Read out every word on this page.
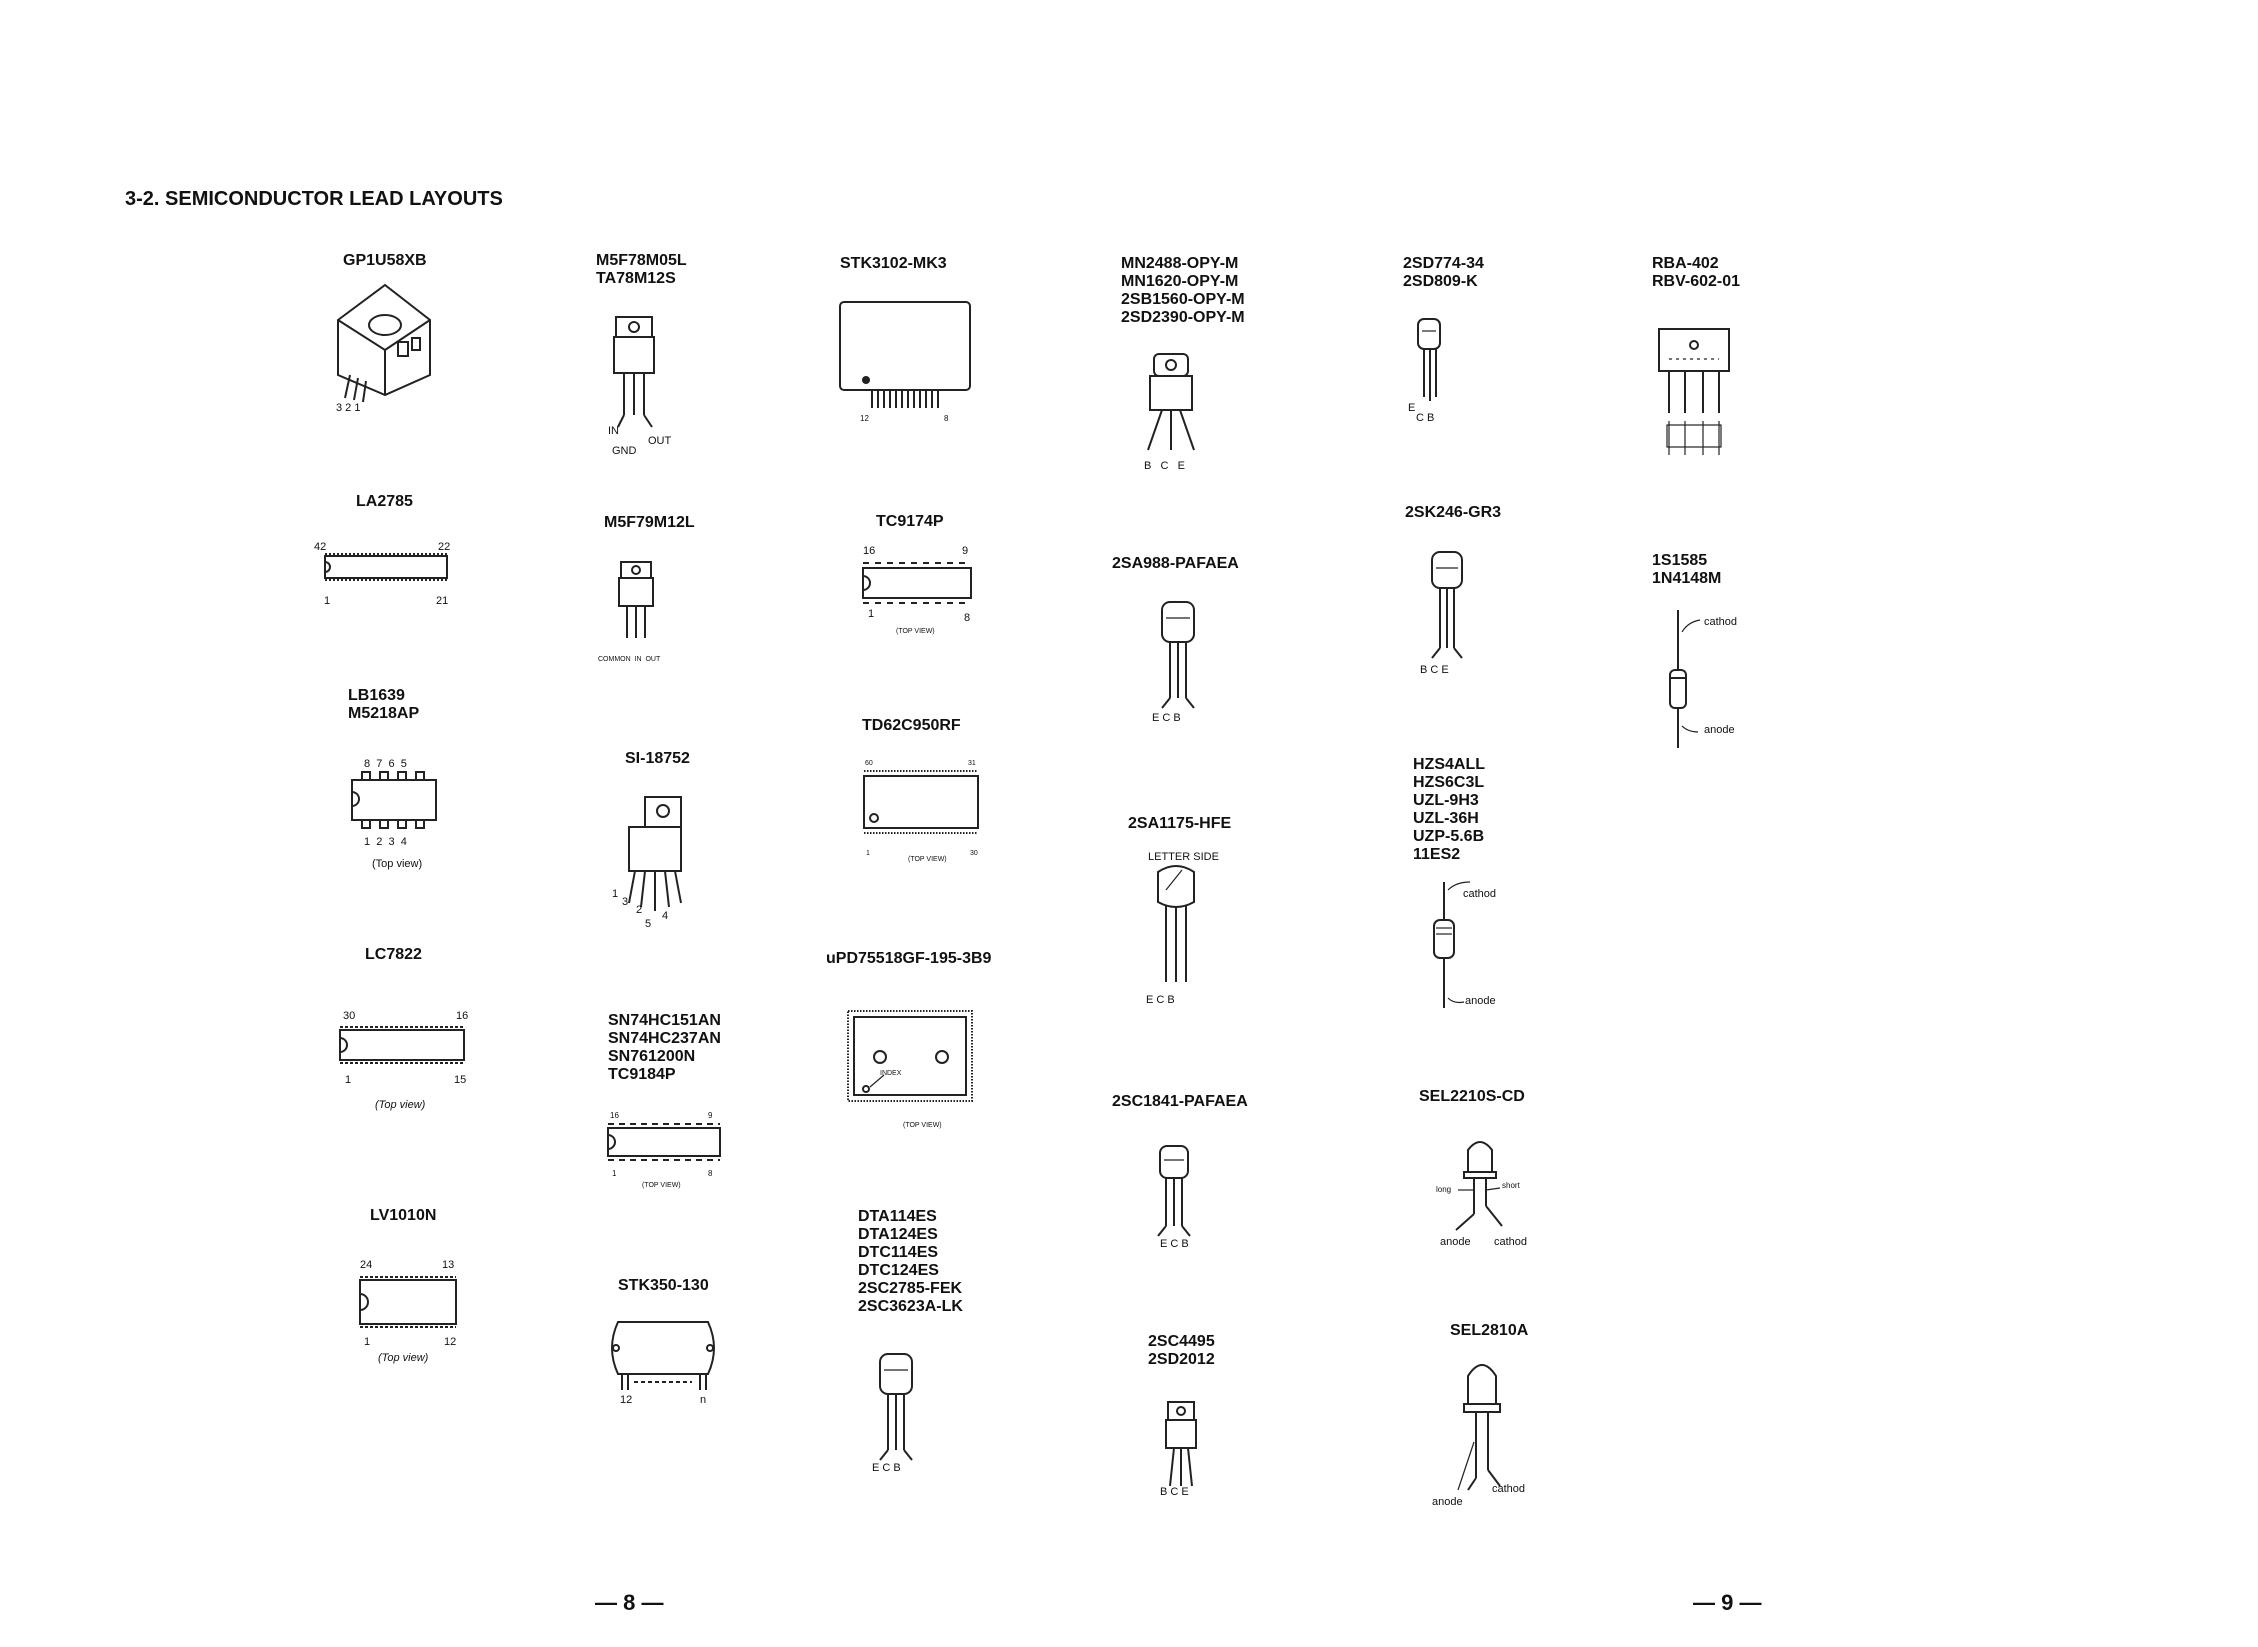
3-2. SEMICONDUCTOR LEAD LAYOUTS
GP1U58XB
3 2 1
LA2785
42	22
1	21
LB1639
M5218AP
8  7  6  5
1  2  3  4
(Top view)
LC7822
30	16
1	15
(Top view)
LV1010N
24	13
1	12
(Top view)
M5F78M05L
TA78M12S
IN
OUT
GND
M5F79M12L
COMMON  IN  OUT
SI-18752
1
3
2 4
5
SN74HC151AN
SN74HC237AN
SN761200N
TC9184P
16	9
1	8
(TOP VIEW)
STK350-130
12	n
STK3102-MK3
12	8
TC9174P
16	9
1	8
(TOP VIEW)
TD62C950RF
60	31
1	30
(TOP VIEW)
uPD75518GF-195-3B9
INDEX
(TOP VIEW)
DTA114ES
DTA124ES
DTC114ES
DTC124ES
2SC2785-FEK
2SC3623A-LK
E C B
MN2488-OPY-M
MN1620-OPY-M
2SB1560-OPY-M
2SD2390-OPY-M
B   C   E
2SA988-PAFAEA
E C B
2SA1175-HFE
LETTER SIDE
E C B
2SC1841-PAFAEA
E C B
2SC4495
2SD2012
B C E
2SD774-34
2SD809-K
E
C B
2SK246-GR3
B C E
HZS4ALL
HZS6C3L
UZL-9H3
UZL-36H
UZP-5.6B
11ES2
cathod
anode
SEL2210S-CD
long	short
anode cathod
SEL2810A
anode
cathod
RBA-402
RBV-602-01
1S1585
1N4148M
cathod
anode
— 8 —	— 9 —
